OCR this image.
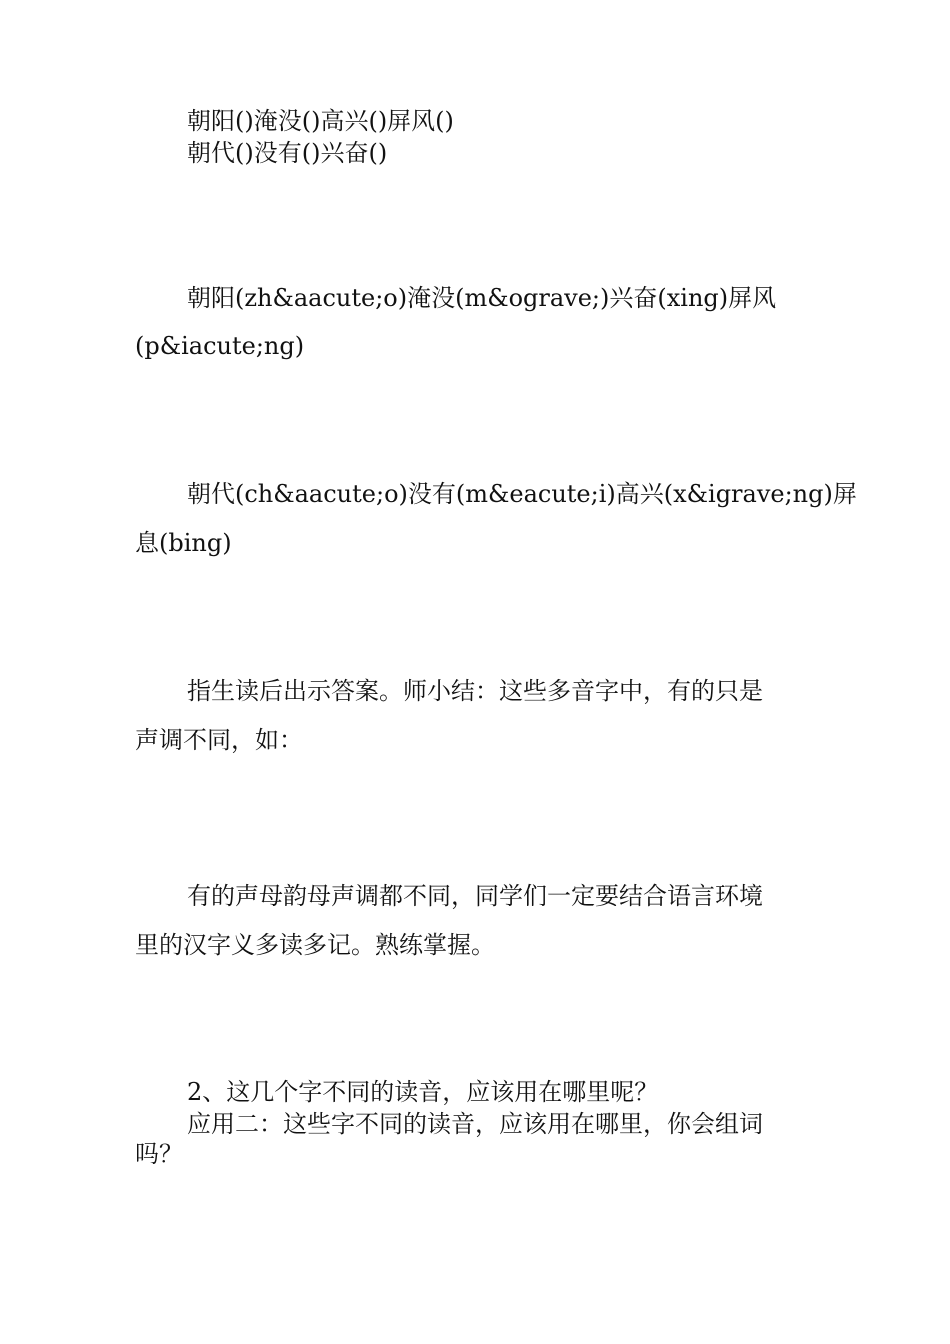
朝阳()淹没()高兴()屏风()
朝代()没有()兴奋()
朝阳(zh&aacute;o)淹没(m&ograve;)兴奋(xing)屏风
(p&iacute;ng)
朝代(ch&aacute;o)没有(m&eacute;i)高兴(x&igrave;ng)屏
息(bing)
指生读后出示答案。师小结：这些多音字中，有的只是
声调不同，如：
有的声母韵母声调都不同，同学们一定要结合语言环境
里的汉字义多读多记。熟练掌握。
2、这几个字不同的读音，应该用在哪里呢？
应用二：这些字不同的读音，应该用在哪里，你会组词
吗？
